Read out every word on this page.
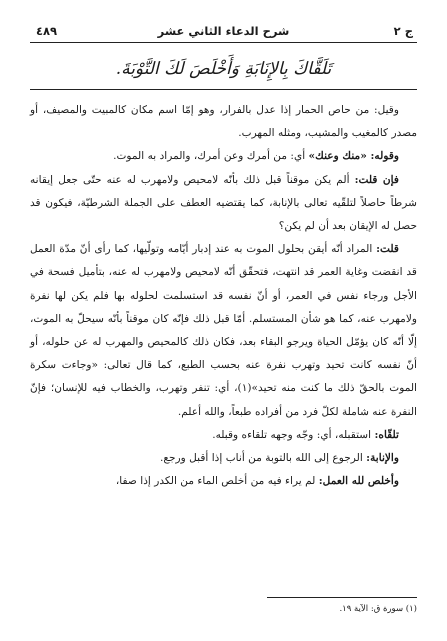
ج ٢
شرح الدعاء الثاني عشر
٤٨٩
تَلَقَّاكَ بِالإِنَابَةِ وَأَخْلَصَ لَكَ التَّوْبَةَ.

وقيل: من حاص الحمار إذا عدل بالفرار، وهو إمّا اسم مكان كالمبيت والمصيف، أو مصدر كالمغيب والمشيب، ومثله المهرب.

وقوله: «منك وعنك» أي: من أمرك وعن أمرك، والمراد به الموت.

فإن قلت: ألم يكن موقناً قبل ذلك بأنّه لامحيص ولامهرب له عنه حتّى جعل إيقانه شرطاً حاصلاً لتلقّيه تعالى بالإنابة، كما يقتضيه العطف على الجملة الشرطيّة، فيكون قد حصل له الإيقان بعد أن لم يكن؟

قلت: المراد أنّه أيقن بحلول الموت به عند إدبار أيّامه وتولّيها، كما رأى أنّ مدّة العمل قد انقضت وغاية العمر قد انتهت، فتحقّق أنّه لامحيص ولامهرب له عنه، بتأميل فسحة في الأجل ورجاء نفس في العمر، أو أنّ نفسه قد استسلمت لحلوله بها فلم يكن لها نفرة ولامهرب عنه، كما هو شأن المستسلم. أمّا قبل ذلك فإنّه كان موقناً بأنّه سيحلّ به الموت، إلّا أنّه كان يؤمّل الحياة ويرجو البقاء بعد، فكان ذلك كالمحيص والمهرب له عن حلوله، أو أنّ نفسه كانت تحيد وتهرب نفرة عنه بحسب الطبع، كما قال تعالى: «وجاءت سكرة الموت بالحقّ ذلك ما كنت منه تحيد»(١)، أي: تنفر وتهرب، والخطاب فيه للإنسان؛ فإنّ النفرة عنه شاملة لكلّ فرد من أفراده طبعاً، والله أعلم.

تلقّاه: استقبله، أي: وجّه وجهه تلقاءه وقبله.

والإنابة: الرجوع إلى الله بالتوبة من أناب إذا أقبل ورجع.

وأخلص لله العمل: لم يراء فيه من أخلص الماء من الكدر إذا صفا،

(١) سورة ق: الآية ١٩.
